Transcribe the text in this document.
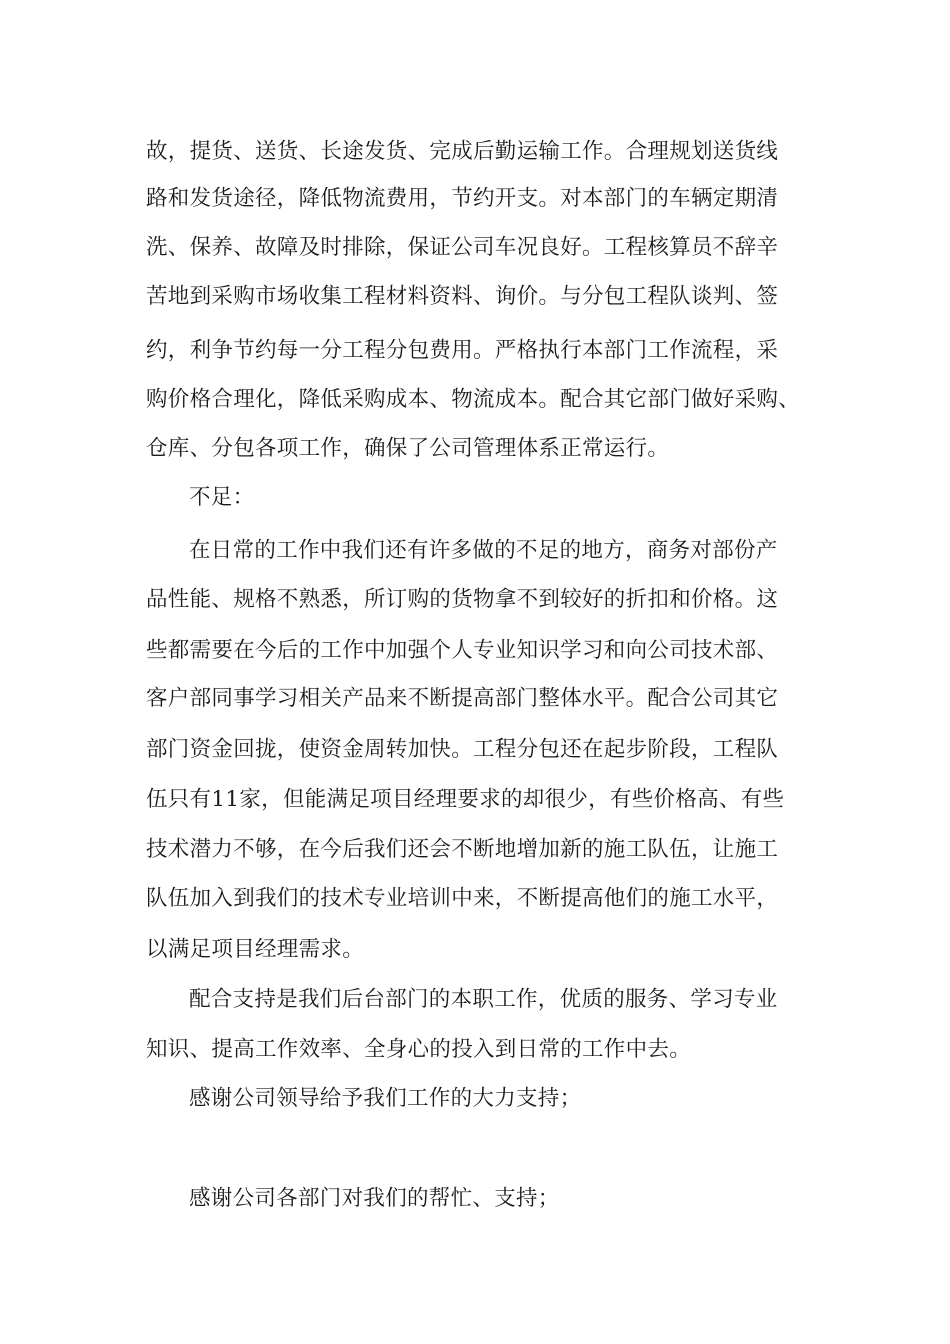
故，提货、送货、长途发货、完成后勤运输工作。合理规划送货线
路和发货途径，降低物流费用，节约开支。对本部门的车辆定期清
洗、保养、故障及时排除，保证公司车况良好。工程核算员不辞辛
苦地到采购市场收集工程材料资料、询价。与分包工程队谈判、签
约，利争节约每一分工程分包费用。严格执行本部门工作流程，采
购价格合理化，降低采购成本、物流成本。配合其它部门做好采购、
仓库、分包各项工作，确保了公司管理体系正常运行。
不足：
在日常的工作中我们还有许多做的不足的地方，商务对部份产
品性能、规格不熟悉，所订购的货物拿不到较好的折扣和价格。这
些都需要在今后的工作中加强个人专业知识学习和向公司技术部、
客户部同事学习相关产品来不断提高部门整体水平。配合公司其它
部门资金回拢，使资金周转加快。工程分包还在起步阶段，工程队
伍只有11家，但能满足项目经理要求的却很少，有些价格高、有些
技术潜力不够，在今后我们还会不断地增加新的施工队伍，让施工
队伍加入到我们的技术专业培训中来，不断提高他们的施工水平，
以满足项目经理需求。
配合支持是我们后台部门的本职工作，优质的服务、学习专业
知识、提高工作效率、全身心的投入到日常的工作中去。
感谢公司领导给予我们工作的大力支持；
感谢公司各部门对我们的帮忙、支持；
